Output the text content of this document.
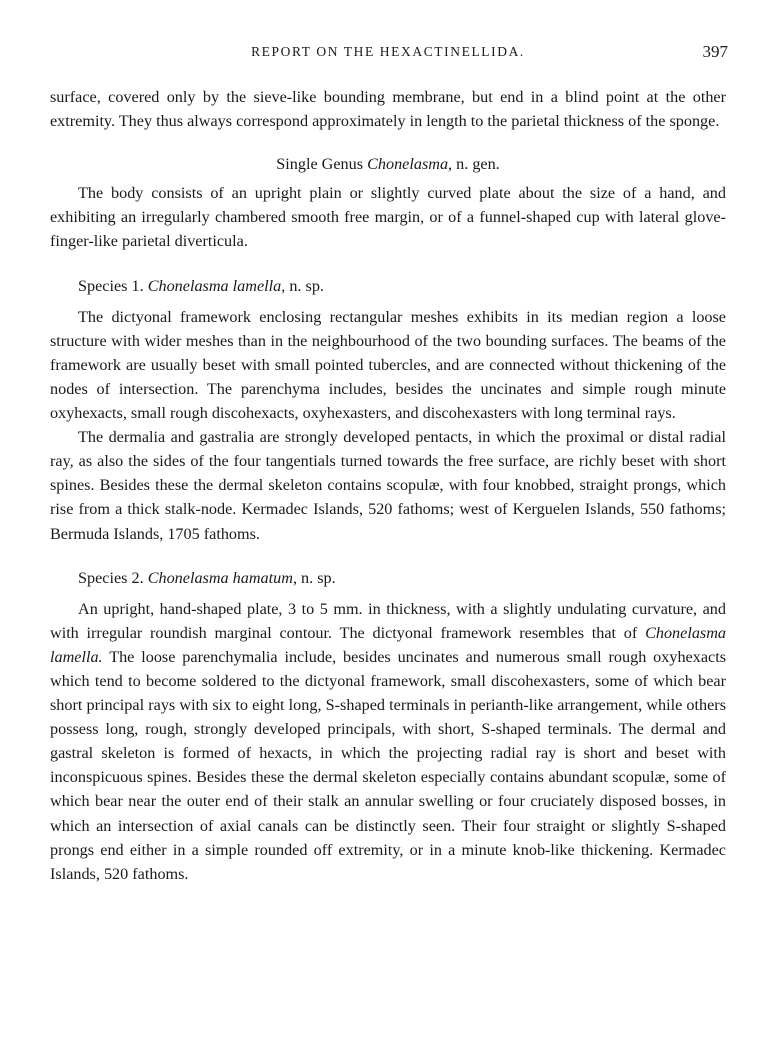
REPORT ON THE HEXACTINELLIDA.	397

surface, covered only by the sieve-like bounding membrane, but end in a blind point at the other extremity. They thus always correspond approximately in length to the parietal thickness of the sponge.

Single Genus Chonelasma, n. gen.

The body consists of an upright plain or slightly curved plate about the size of a hand, and exhibiting an irregularly chambered smooth free margin, or of a funnel-shaped cup with lateral glove-finger-like parietal diverticula.

Species 1. Chonelasma lamella, n. sp.

The dictyonal framework enclosing rectangular meshes exhibits in its median region a loose structure with wider meshes than in the neighbourhood of the two bounding surfaces. The beams of the framework are usually beset with small pointed tubercles, and are connected without thickening of the nodes of intersection. The parenchyma includes, besides the uncinates and simple rough minute oxyhexacts, small rough discohexacts, oxyhexasters, and discohexasters with long terminal rays.

The dermalia and gastralia are strongly developed pentacts, in which the proximal or distal radial ray, as also the sides of the four tangentials turned towards the free surface, are richly beset with short spines. Besides these the dermal skeleton contains scopulæ, with four knobbed, straight prongs, which rise from a thick stalk-node. Kermadec Islands, 520 fathoms; west of Kerguelen Islands, 550 fathoms; Bermuda Islands, 1705 fathoms.

Species 2. Chonelasma hamatum, n. sp.

An upright, hand-shaped plate, 3 to 5 mm. in thickness, with a slightly undulating curvature, and with irregular roundish marginal contour. The dictyonal framework resembles that of Chonelasma lamella. The loose parenchymalia include, besides uncinates and numerous small rough oxyhexacts which tend to become soldered to the dictyonal framework, small discohexasters, some of which bear short principal rays with six to eight long, S-shaped terminals in perianth-like arrangement, while others possess long, rough, strongly developed principals, with short, S-shaped terminals. The dermal and gastral skeleton is formed of hexacts, in which the projecting radial ray is short and beset with inconspicuous spines. Besides these the dermal skeleton especially contains abundant scopulæ, some of which bear near the outer end of their stalk an annular swelling or four cruciately disposed bosses, in which an intersection of axial canals can be distinctly seen. Their four straight or slightly S-shaped prongs end either in a simple rounded off extremity, or in a minute knob-like thickening. Kermadec Islands, 520 fathoms.
